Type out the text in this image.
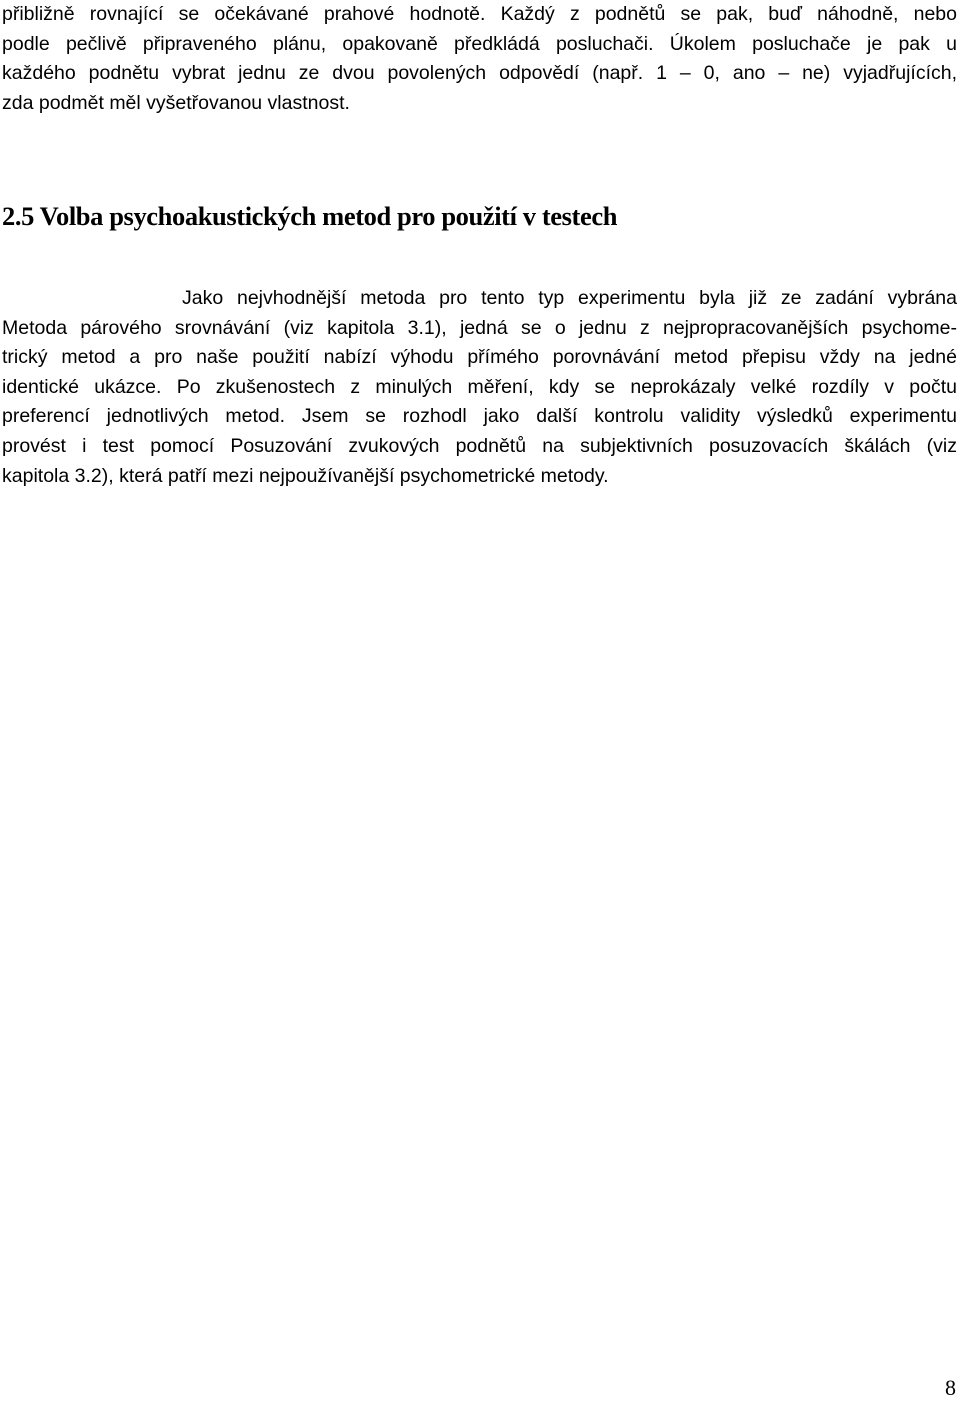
přibližně rovnající se očekávané prahové hodnotě. Každý z podnětů se pak, buď náhodně, nebo
podle pečlivě připraveného plánu, opakovaně předkládá posluchači. Úkolem posluchače je pak u
každého podnětu vybrat jednu ze dvou povolených odpovědí (např. 1 – 0, ano – ne) vyjadřujících,
zda podmět měl vyšetřovanou vlastnost.
2.5 Volba psychoakustických metod pro použití v testech
Jako nejvhodnější metoda pro tento typ experimentu byla již ze zadání vybrána
Metoda párového srovnávání (viz kapitola 3.1), jedná se o jednu z nejpropracovanějších psychome-
trický metod a pro naše použití nabízí výhodu přímého porovnávání metod přepisu vždy na jedné
identické ukázce. Po zkušenostech z minulých měření, kdy se neprokázaly velké rozdíly v počtu
preferencí jednotlivých metod. Jsem se rozhodl jako další kontrolu validity výsledků experimentu
provést i test pomocí Posuzování zvukových podnětů na subjektivních posuzovacích škálách (viz
kapitola 3.2), která patří mezi nejpoužívanější psychometrické metody.

8
